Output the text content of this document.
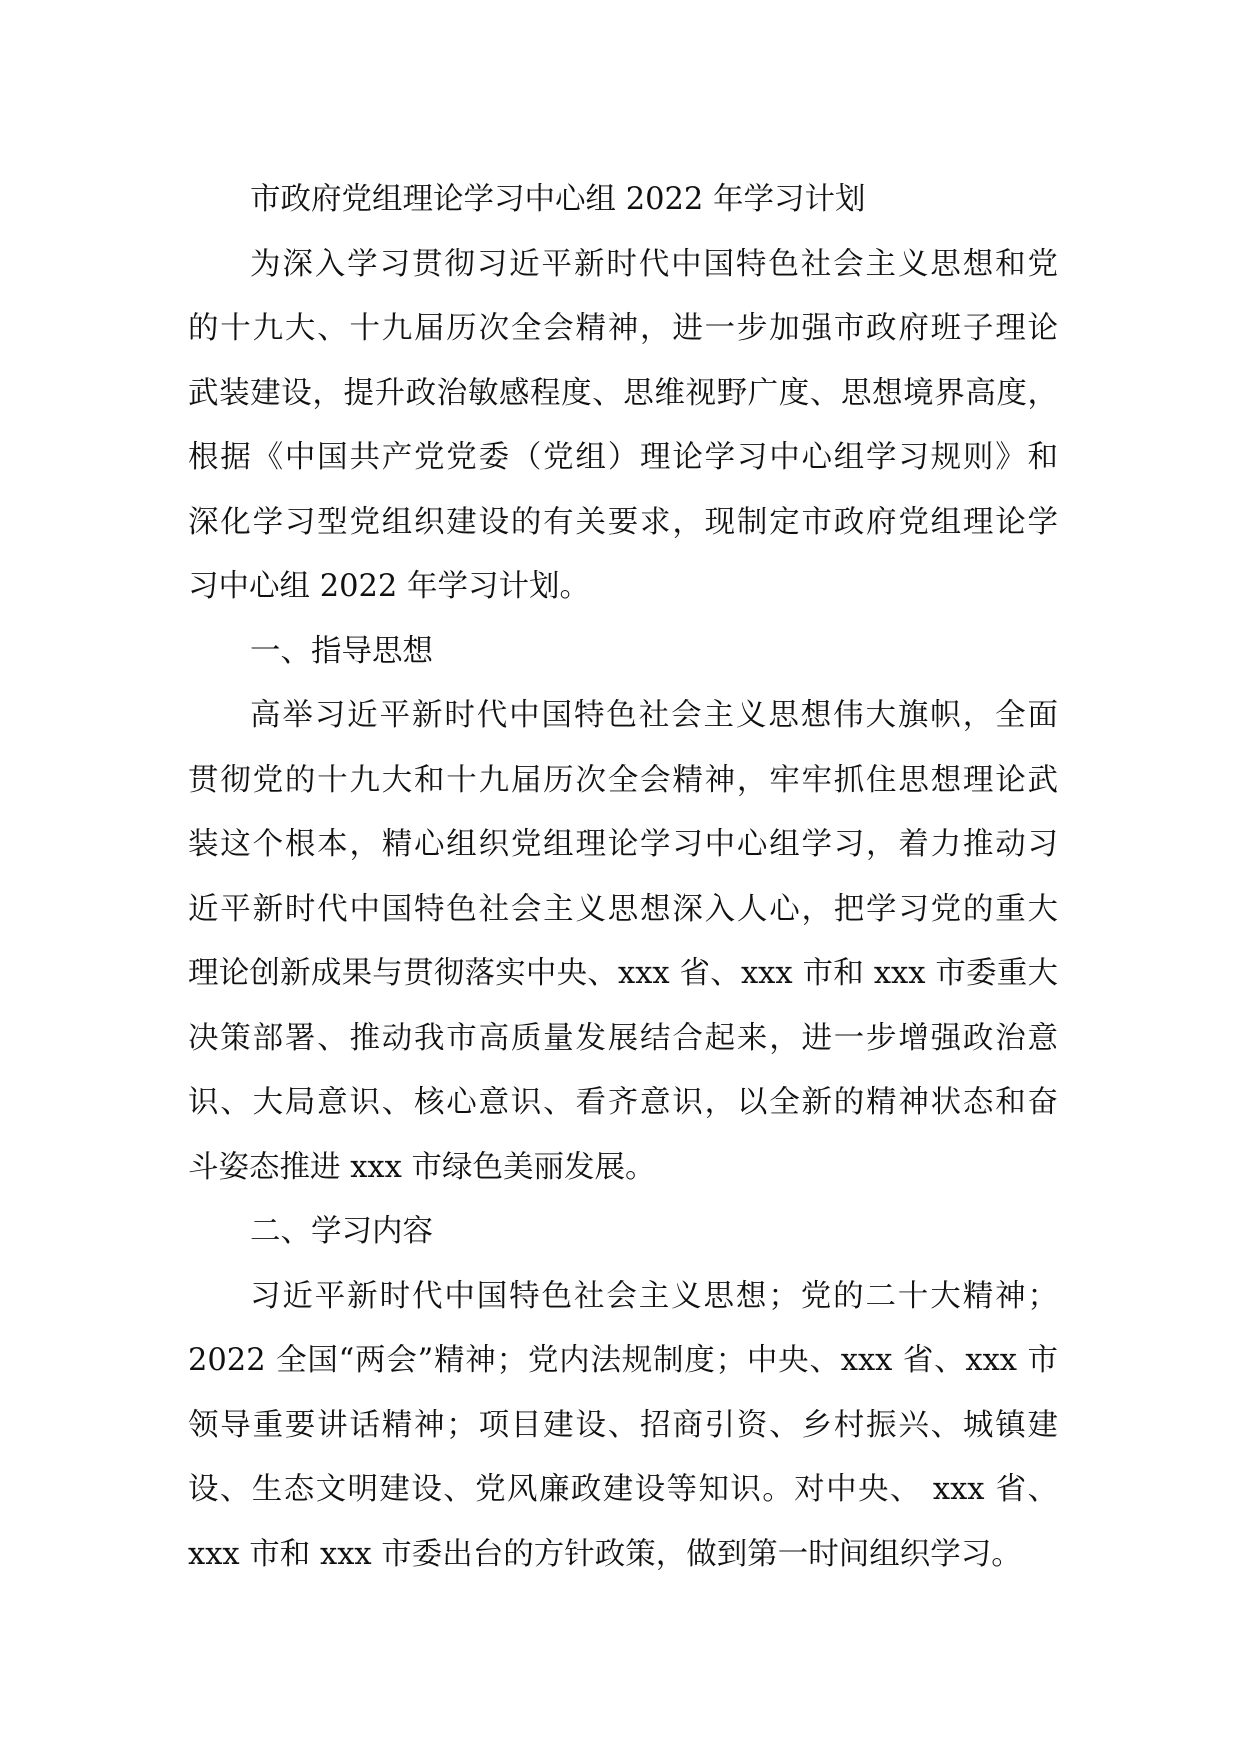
市政府党组理论学习中心组 2022 年学习计划
为深入学习贯彻习近平新时代中国特色社会主义思想和党
的十九大、十九届历次全会精神，进一步加强市政府班子理论
武装建设，提升政治敏感程度、思维视野广度、思想境界高度，
根据《中国共产党党委（党组）理论学习中心组学习规则》和
深化学习型党组织建设的有关要求，现制定市政府党组理论学
习中心组 2022 年学习计划。
一、指导思想
高举习近平新时代中国特色社会主义思想伟大旗帜，全面
贯彻党的十九大和十九届历次全会精神，牢牢抓住思想理论武
装这个根本，精心组织党组理论学习中心组学习，着力推动习
近平新时代中国特色社会主义思想深入人心，把学习党的重大
理论创新成果与贯彻落实中央、xxx 省、xxx 市和 xxx 市委重大
决策部署、推动我市高质量发展结合起来，进一步增强政治意
识、大局意识、核心意识、看齐意识，以全新的精神状态和奋
斗姿态推进 xxx 市绿色美丽发展。
二、学习内容
习近平新时代中国特色社会主义思想；党的二十大精神；
2022 全国“两会”精神；党内法规制度；中央、xxx 省、xxx 市
领导重要讲话精神；项目建设、招商引资、乡村振兴、城镇建
设、生态文明建设、党风廉政建设等知识。对中央、 xxx 省、
xxx 市和 xxx 市委出台的方针政策，做到第一时间组织学习。
